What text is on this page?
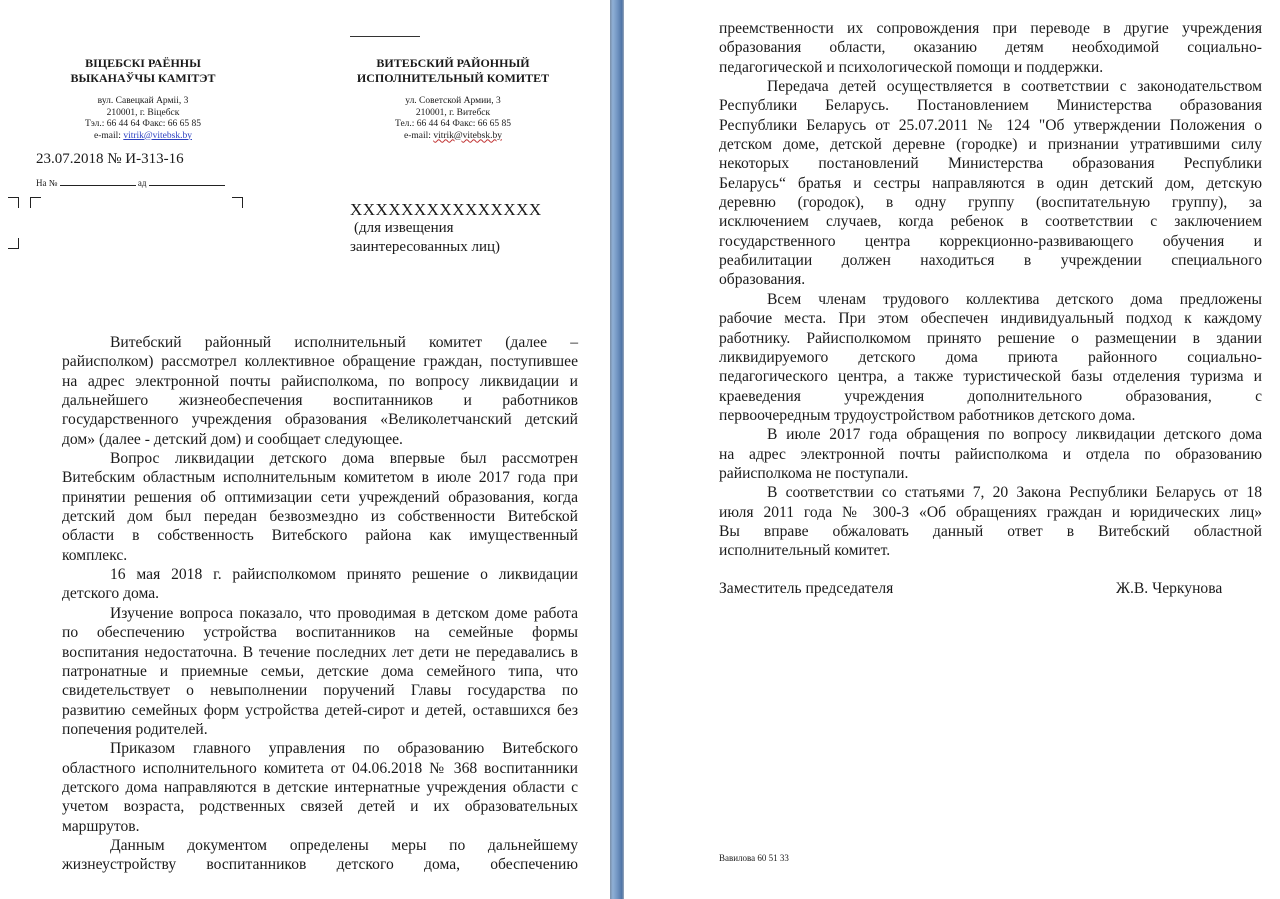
ВІЦЕБСКІ РАЁННЫ
ВЫКАНАЎЧЫ КАМІТЭТ
вул. Савецкай Арміі, 3
210001, г. Віцебск
Тэл.: 66 44 64 Факс: 66 65 85
e-mail: vitrik@vitebsk.by
ВИТЕБСКИЙ РАЙОННЫЙ
ИСПОЛНИТЕЛЬНЫЙ КОМИТЕТ
ул. Советской Армии, 3
210001, г. Витебск
Тел.: 66 44 64 Факс: 66 65 85
e-mail: vitrik@vitebsk.by
23.07.2018 № И-313-16
На №	ад
ХХХХХХХХХХХХХХХ
(для извещения
заинтересованных лиц)
Витебский районный исполнительный комитет (далее –
райисполком) рассмотрел коллективное обращение граждан, поступившее
на адрес электронной почты райисполкома, по вопросу ликвидации и
дальнейшего жизнеобеспечения воспитанников и работников
государственного учреждения образования «Великолетчанский детский
дом» (далее - детский дом) и сообщает следующее.
Вопрос ликвидации детского дома впервые был рассмотрен
Витебским областным исполнительным комитетом в июле 2017 года при
принятии решения об оптимизации сети учреждений образования, когда
детский дом был передан безвозмездно из собственности Витебской
области в собственность Витебского района как имущественный
комплекс.
16 мая 2018 г. райисполкомом принято решение о ликвидации
детского дома.
Изучение вопроса показало, что проводимая в детском доме работа
по обеспечению устройства воспитанников на семейные формы
воспитания недостаточна. В течение последних лет дети не передавались в
патронатные и приемные семьи, детские дома семейного типа, что
свидетельствует о невыполнении поручений Главы государства по
развитию семейных форм устройства детей-сирот и детей, оставшихся без
попечения родителей.
Приказом главного управления по образованию Витебского
областного исполнительного комитета от 04.06.2018 № 368 воспитанники
детского дома направляются в детские интернатные учреждения области с
учетом возраста, родственных связей детей и их образовательных
маршрутов.
Данным документом определены меры по дальнейшему
жизнеустройству воспитанников детского дома, обеспечению
преемственности их сопровождения при переводе в другие учреждения
образования области, оказанию детям необходимой социально-
педагогической и психологической помощи и поддержки.
Передача детей осуществляется в соответствии с законодательством
Республики Беларусь. Постановлением Министерства образования
Республики Беларусь от 25.07.2011 № 124 "Об утверждении Положения о
детском доме, детской деревне (городке) и признании утратившими силу
некоторых постановлений Министерства образования Республики
Беларусь“ братья и сестры направляются в один детский дом, детскую
деревню (городок), в одну группу (воспитательную группу), за
исключением случаев, когда ребенок в соответствии с заключением
государственного центра коррекционно-развивающего обучения и
реабилитации должен находиться в учреждении специального
образования.
Всем членам трудового коллектива детского дома предложены
рабочие места. При этом обеспечен индивидуальный подход к каждому
работнику. Райисполкомом принято решение о размещении в здании
ликвидируемого детского дома приюта районного социально-
педагогического центра, а также туристической базы отделения туризма и
краеведения учреждения дополнительного образования, с
первоочередным трудоустройством работников детского дома.
В июле 2017 года обращения по вопросу ликвидации детского дома
на адрес электронной почты райисполкома и отдела по образованию
райисполкома не поступали.
В соответствии со статьями 7, 20 Закона Республики Беларусь от 18
июля 2011 года № 300-З «Об обращениях граждан и юридических лиц»
Вы вправе обжаловать данный ответ в Витебский областной
исполнительный комитет.
Заместитель председателя	Ж.В. Черкунова
Вавилова 60 51 33
